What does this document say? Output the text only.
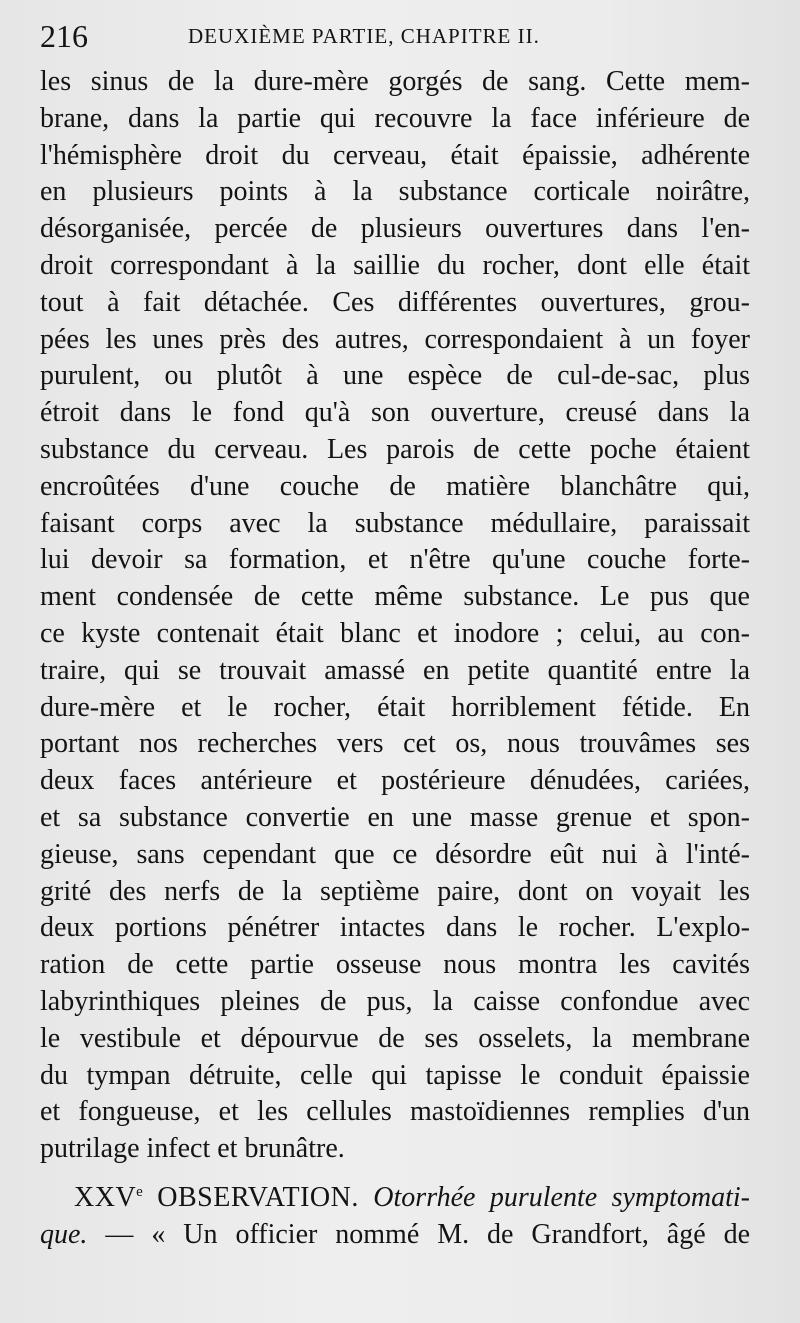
216	DEUXIÈME PARTIE, CHAPITRE II.
les sinus de la dure-mère gorgés de sang. Cette mem-
brane, dans la partie qui recouvre la face inférieure de
l'hémisphère droit du cerveau, était épaissie, adhérente
en plusieurs points à la substance corticale noirâtre,
désorganisée, percée de plusieurs ouvertures dans l'en-
droit correspondant à la saillie du rocher, dont elle était
tout à fait détachée. Ces différentes ouvertures, grou-
pées les unes près des autres, correspondaient à un foyer
purulent, ou plutôt à une espèce de cul-de-sac, plus
étroit dans le fond qu'à son ouverture, creusé dans la
substance du cerveau. Les parois de cette poche étaient
encroûtées d'une couche de matière blanchâtre qui,
faisant corps avec la substance médullaire, paraissait
lui devoir sa formation, et n'être qu'une couche forte-
ment condensée de cette même substance. Le pus que
ce kyste contenait était blanc et inodore ; celui, au con-
traire, qui se trouvait amassé en petite quantité entre la
dure-mère et le rocher, était horriblement fétide. En
portant nos recherches vers cet os, nous trouvâmes ses
deux faces antérieure et postérieure dénudées, cariées,
et sa substance convertie en une masse grenue et spon-
gieuse, sans cependant que ce désordre eût nui à l'inté-
grité des nerfs de la septième paire, dont on voyait les
deux portions pénétrer intactes dans le rocher. L'explo-
ration de cette partie osseuse nous montra les cavités
labyrinthiques pleines de pus, la caisse confondue avec
le vestibule et dépourvue de ses osselets, la membrane
du tympan détruite, celle qui tapisse le conduit épaissie
et fongueuse, et les cellules mastoïdiennes remplies d'un
putrilage infect et brunâtre.
XXVe OBSERVATION. Otorrhée purulente symptomati-
que. — « Un officier nommé M. de Grandfort, âgé de
